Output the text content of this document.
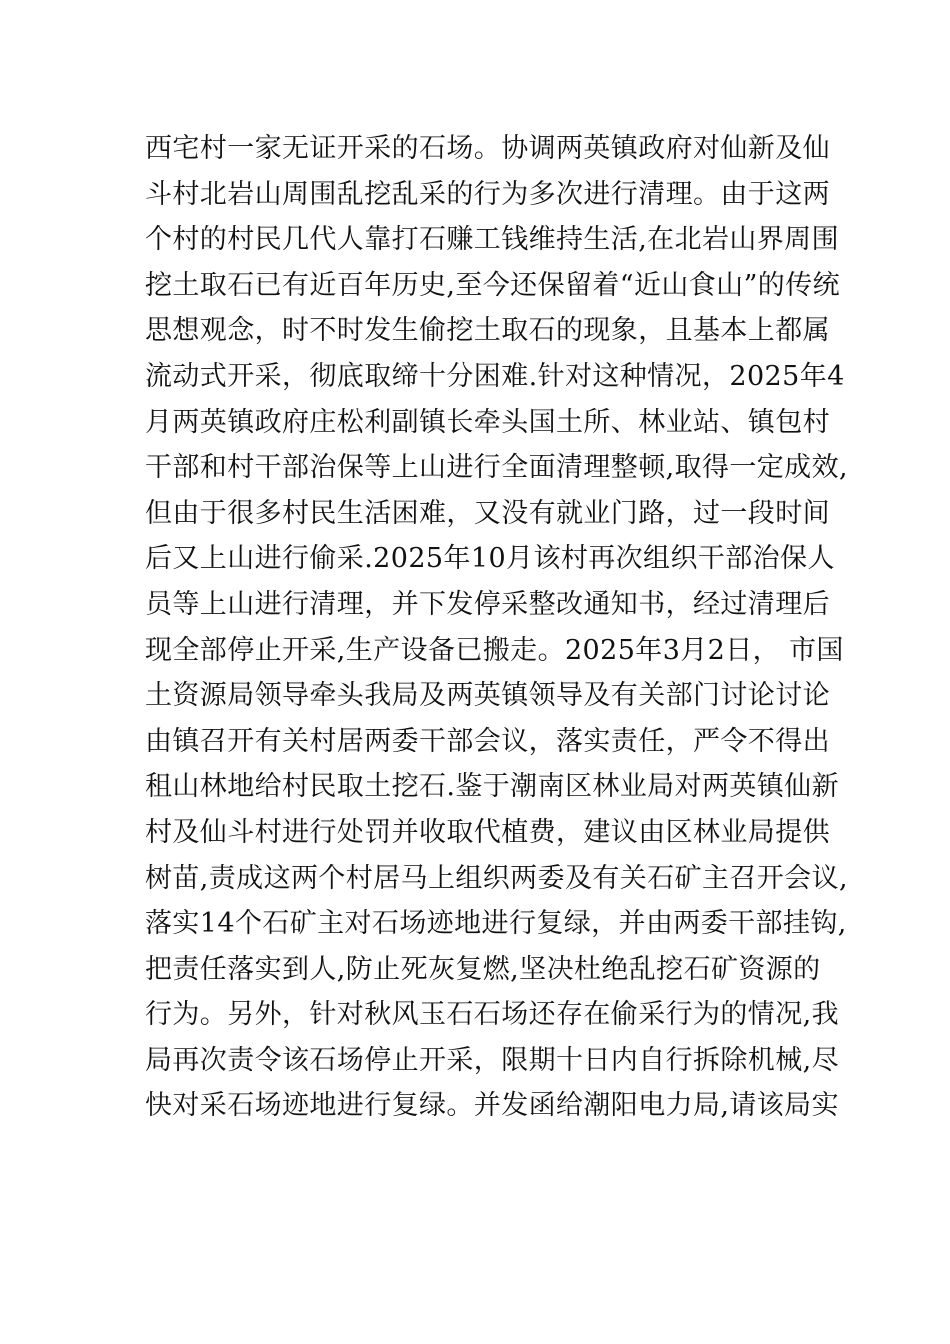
西宅村一家无证开采的石场。协调两英镇政府对仙新及仙
斗村北岩山周围乱挖乱采的行为多次进行清理。由于这两
个村的村民几代人靠打石赚工钱维持生活,在北岩山界周围
挖土取石已有近百年历史,至今还保留着“近山食山”的传统
思想观念，时不时发生偷挖土取石的现象，且基本上都属
流动式开采，彻底取缔十分困难.针对这种情况，2025年4
月两英镇政府庄松利副镇长牵头国土所、林业站、镇包村
干部和村干部治保等上山进行全面清理整顿,取得一定成效,
但由于很多村民生活困难，又没有就业门路，过一段时间
后又上山进行偷采.2025年10月该村再次组织干部治保人
员等上山进行清理，并下发停采整改通知书，经过清理后
现全部停止开采,生产设备已搬走。2025年3月2日， 市国
土资源局领导牵头我局及两英镇领导及有关部门讨论讨论
由镇召开有关村居两委干部会议，落实责任，严令不得出
租山林地给村民取土挖石.鉴于潮南区林业局对两英镇仙新
村及仙斗村进行处罚并收取代植费，建议由区林业局提供
树苗,责成这两个村居马上组织两委及有关石矿主召开会议,
落实14个石矿主对石场迹地进行复绿，并由两委干部挂钩,
把责任落实到人,防止死灰复燃,坚决杜绝乱挖石矿资源的
行为。另外，针对秋风玉石石场还存在偷采行为的情况,我
局再次责令该石场停止开采，限期十日内自行拆除机械,尽
快对采石场迹地进行复绿。并发函给潮阳电力局,请该局实
